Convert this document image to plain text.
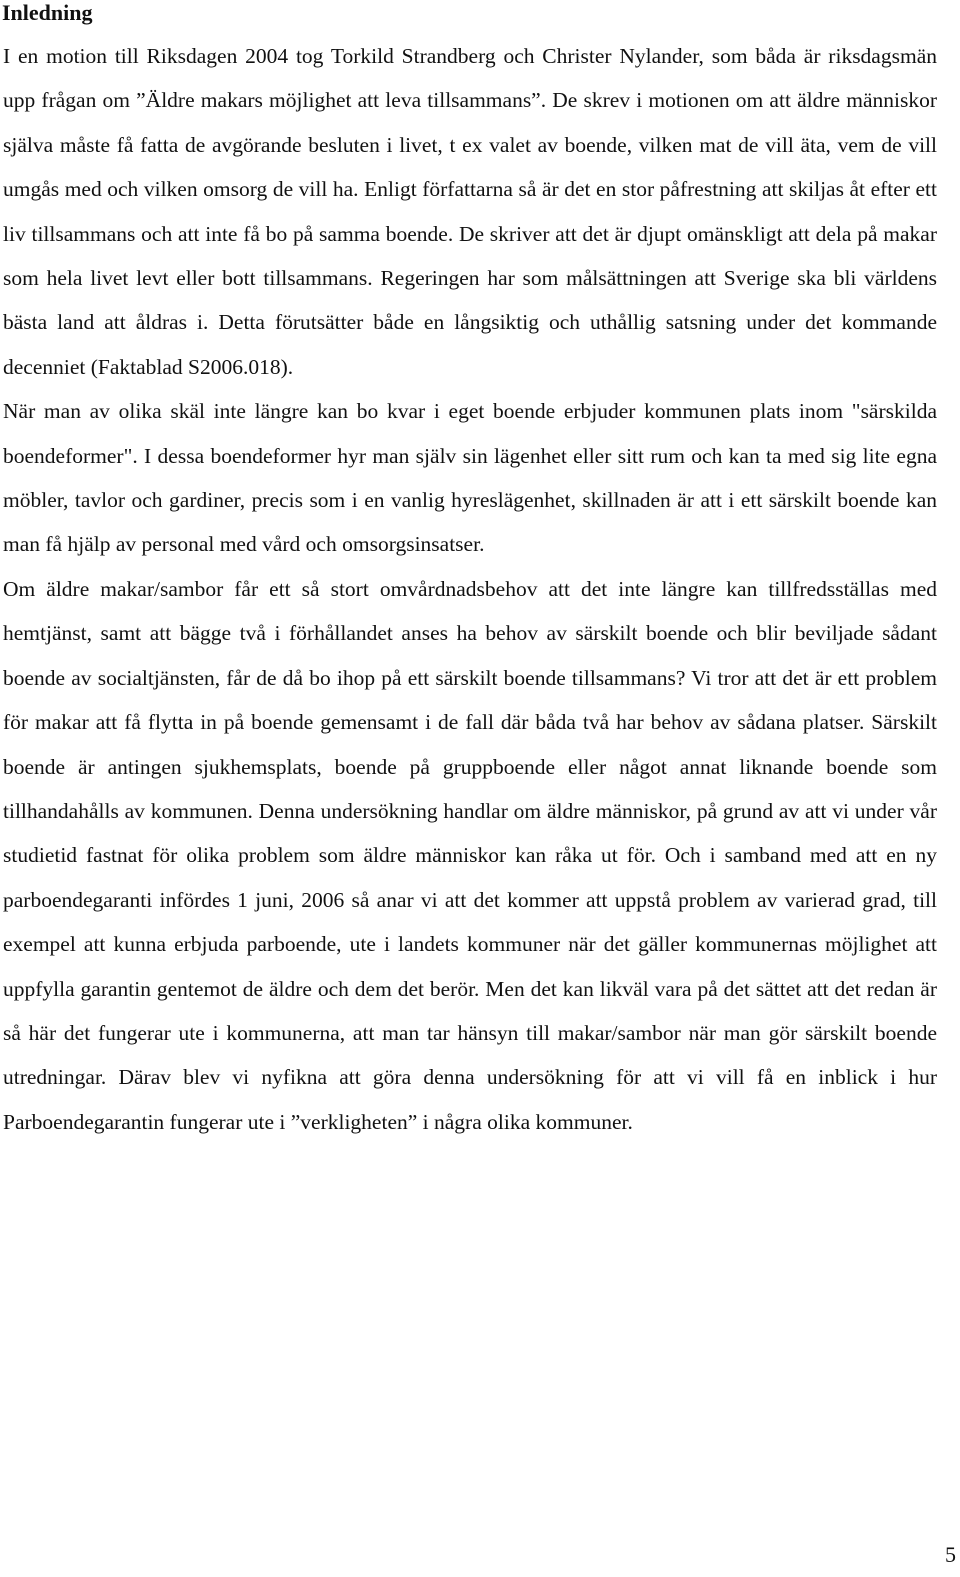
Inledning

I en motion till Riksdagen 2004 tog Torkild Strandberg och Christer Nylander, som båda är riksdagsmän upp frågan om ”Äldre makars möjlighet att leva tillsammans”. De skrev i motionen om att äldre människor själva måste få fatta de avgörande besluten i livet, t ex valet av boende, vilken mat de vill äta, vem de vill umgås med och vilken omsorg de vill ha. Enligt författarna så är det en stor påfrestning att skiljas åt efter ett liv tillsammans och att inte få bo på samma boende. De skriver att det är djupt omänskligt att dela på makar som hela livet levt eller bott tillsammans. Regeringen har som målsättningen att Sverige ska bli världens bästa land att åldras i. Detta förutsätter både en långsiktig och uthållig satsning under det kommande decenniet (Faktablad S2006.018).

När man av olika skäl inte längre kan bo kvar i eget boende erbjuder kommunen plats inom "särskilda boendeformer". I dessa boendeformer hyr man själv sin lägenhet eller sitt rum och kan ta med sig lite egna möbler, tavlor och gardiner, precis som i en vanlig hyreslägenhet, skillnaden är att i ett särskilt boende kan man få hjälp av personal med vård och omsorgsinsatser.

Om äldre makar/sambor får ett så stort omvårdnadsbehov att det inte längre kan tillfredsställas med hemtjänst, samt att bägge två i förhållandet anses ha behov av särskilt boende och blir beviljade sådant boende av socialtjänsten, får de då bo ihop på ett särskilt boende tillsammans? Vi tror att det är ett problem för makar att få flytta in på boende gemensamt i de fall där båda två har behov av sådana platser. Särskilt boende är antingen sjukhemsplats, boende på gruppboende eller något annat liknande boende som tillhandahålls av kommunen. Denna undersökning handlar om äldre människor, på grund av att vi under vår studietid fastnat för olika problem som äldre människor kan råka ut för. Och i samband med att en ny parboendegaranti infördes 1 juni, 2006 så anar vi att det kommer att uppstå problem av varierad grad, till exempel att kunna erbjuda parboende, ute i landets kommuner när det gäller kommunernas möjlighet att uppfylla garantin gentemot de äldre och dem det berör. Men det kan likväl vara på det sättet att det redan är så här det fungerar ute i kommunerna, att man tar hänsyn till makar/sambor när man gör särskilt boende utredningar. Därav blev vi nyfikna att göra denna undersökning för att vi vill få en inblick i hur Parboendegarantin fungerar ute i ”verkligheten” i några olika kommuner.

5
